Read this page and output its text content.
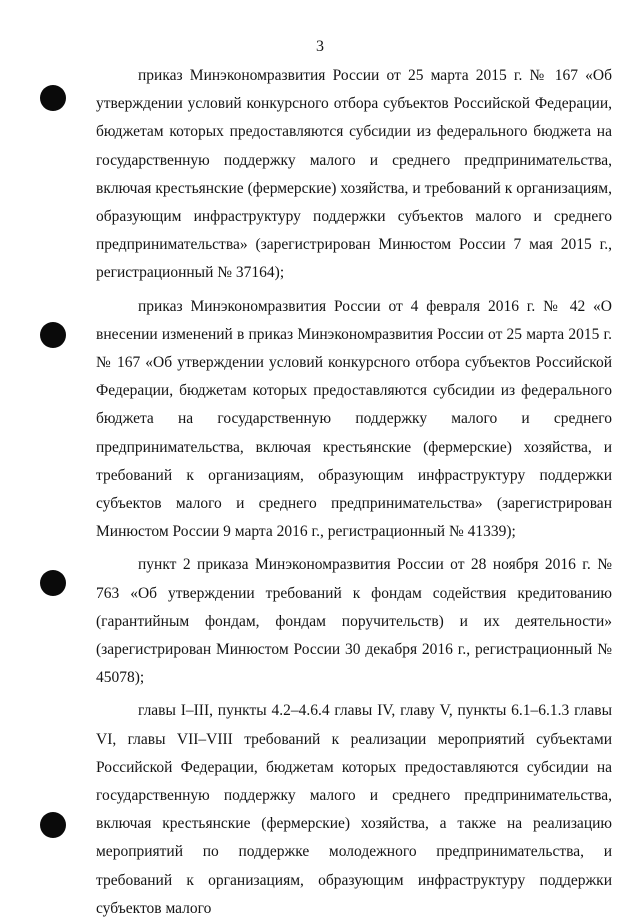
3

приказ Минэкономразвития России от 25 марта 2015 г. № 167 «Об утверждении условий конкурсного отбора субъектов Российской Федерации, бюджетам которых предоставляются субсидии из федерального бюджета на государственную поддержку малого и среднего предпринимательства, включая крестьянские (фермерские) хозяйства, и требований к организациям, образующим инфраструктуру поддержки субъектов малого и среднего предпринимательства» (зарегистрирован Минюстом России 7 мая 2015 г., регистрационный № 37164);

приказ Минэкономразвития России от 4 февраля 2016 г. № 42 «О внесении изменений в приказ Минэкономразвития России от 25 марта 2015 г. № 167 «Об утверждении условий конкурсного отбора субъектов Российской Федерации, бюджетам которых предоставляются субсидии из федерального бюджета на государственную поддержку малого и среднего предпринимательства, включая крестьянские (фермерские) хозяйства, и требований к организациям, образующим инфраструктуру поддержки субъектов малого и среднего предпринимательства» (зарегистрирован Минюстом России 9 марта 2016 г., регистрационный № 41339);

пункт 2 приказа Минэкономразвития России от 28 ноября 2016 г. № 763 «Об утверждении требований к фондам содействия кредитованию (гарантийным фондам, фондам поручительств) и их деятельности» (зарегистрирован Минюстом России 30 декабря 2016 г., регистрационный № 45078);

главы I–III, пункты 4.2–4.6.4 главы IV, главу V, пункты 6.1–6.1.3 главы VI, главы VII–VIII требований к реализации мероприятий субъектами Российской Федерации, бюджетам которых предоставляются субсидии на государственную поддержку малого и среднего предпринимательства, включая крестьянские (фермерские) хозяйства, а также на реализацию мероприятий по поддержке молодежного предпринимательства, и требований к организациям, образующим инфраструктуру поддержки субъектов малого
